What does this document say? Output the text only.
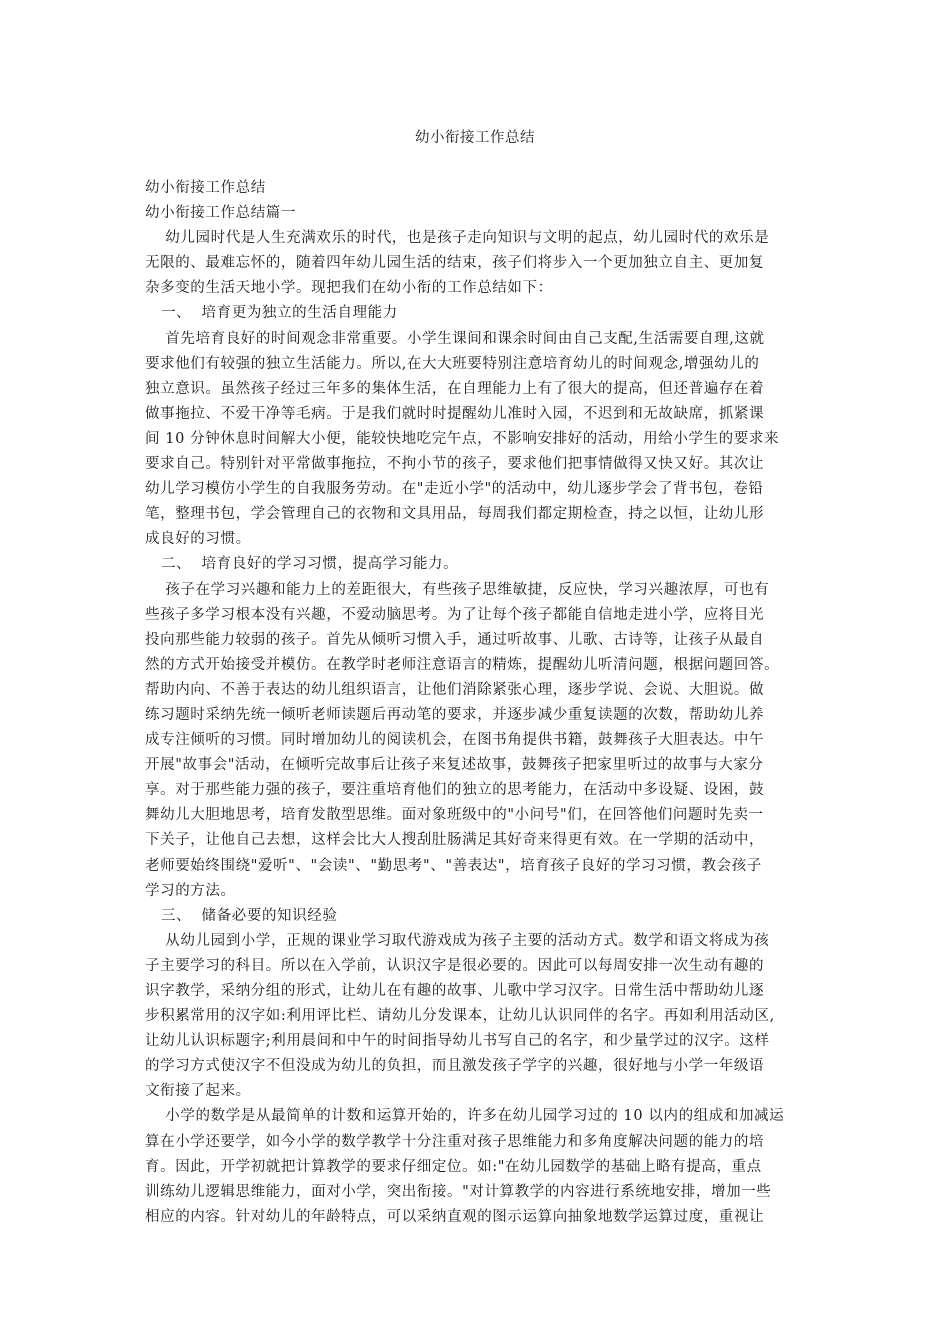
幼小衔接工作总结

幼小衔接工作总结

幼小衔接工作总结篇一

幼儿园时代是人生充满欢乐的时代，也是孩子走向知识与文明的起点，幼儿园时代的欢乐是

无限的、最难忘怀的，随着四年幼儿园生活的结束，孩子们将步入一个更加独立自主、更加复

杂多变的生活天地小学。现把我们在幼小衔的工作总结如下：

一、  培育更为独立的生活自理能力

首先培育良好的时间观念非常重要。小学生课间和课余时间由自己支配,生活需要自理,这就

要求他们有较强的独立生活能力。所以,在大大班要特别注意培育幼儿的时间观念,增强幼儿的

独立意识。虽然孩子经过三年多的集体生活，在自理能力上有了很大的提高，但还普遍存在着

做事拖拉、不爱干净等毛病。于是我们就时时提醒幼儿准时入园，不迟到和无故缺席，抓紧课

间 10 分钟休息时间解大小便，能较快地吃完午点，不影响安排好的活动，用给小学生的要求来

要求自己。特别针对平常做事拖拉，不拘小节的孩子，要求他们把事情做得又快又好。其次让

幼儿学习模仿小学生的自我服务劳动。在"走近小学"的活动中，幼儿逐步学会了背书包，卷铅

笔，整理书包，学会管理自己的衣物和文具用品，每周我们都定期检查，持之以恒，让幼儿形

成良好的习惯。

二、  培育良好的学习习惯，提高学习能力。

孩子在学习兴趣和能力上的差距很大，有些孩子思维敏捷，反应快，学习兴趣浓厚，可也有

些孩子多学习根本没有兴趣，不爱动脑思考。为了让每个孩子都能自信地走进小学，应将目光

投向那些能力较弱的孩子。首先从倾听习惯入手，通过听故事、儿歌、古诗等，让孩子从最自

然的方式开始接受并模仿。在教学时老师注意语言的精炼，提醒幼儿听清问题，根据问题回答。

帮助内向、不善于表达的幼儿组织语言，让他们消除紧张心理，逐步学说、会说、大胆说。做

练习题时采纳先统一倾听老师读题后再动笔的要求，并逐步减少重复读题的次数，帮助幼儿养

成专注倾听的习惯。同时增加幼儿的阅读机会，在图书角提供书籍，鼓舞孩子大胆表达。中午

开展"故事会"活动，在倾听完故事后让孩子来复述故事，鼓舞孩子把家里听过的故事与大家分

享。对于那些能力强的孩子，要注重培育他们的独立的思考能力，在活动中多设疑、设困，鼓

舞幼儿大胆地思考，培育发散型思维。面对象班级中的"小问号"们，在回答他们问题时先卖一

下关子，让他自己去想，这样会比大人搜刮肚肠满足其好奇来得更有效。在一学期的活动中，

老师要始终围绕"爱听"、"会读"、"勤思考"、"善表达"，培育孩子良好的学习习惯，教会孩子

学习的方法。

三、  储备必要的知识经验

从幼儿园到小学，正规的课业学习取代游戏成为孩子主要的活动方式。数学和语文将成为孩

子主要学习的科目。所以在入学前，认识汉字是很必要的。因此可以每周安排一次生动有趣的

识字教学，采纳分组的形式，让幼儿在有趣的故事、儿歌中学习汉字。日常生活中帮助幼儿逐

步积累常用的汉字如:利用评比栏、请幼儿分发课本，让幼儿认识同伴的名字。再如利用活动区,

让幼儿认识标题字;利用晨间和中午的时间指导幼儿书写自己的名字，和少量学过的汉字。这样

的学习方式使汉字不但没成为幼儿的负担，而且激发孩子学字的兴趣，很好地与小学一年级语

文衔接了起来。

小学的数学是从最简单的计数和运算开始的，许多在幼儿园学习过的 10 以内的组成和加减运

算在小学还要学，如今小学的数学教学十分注重对孩子思维能力和多角度解决问题的能力的培

育。因此，开学初就把计算教学的要求仔细定位。如:"在幼儿园数学的基础上略有提高，重点

训练幼儿逻辑思维能力，面对小学，突出衔接。"对计算教学的内容进行系统地安排，增加一些

相应的内容。针对幼儿的年龄特点，可以采纳直观的图示运算向抽象地数学运算过度，重视让
